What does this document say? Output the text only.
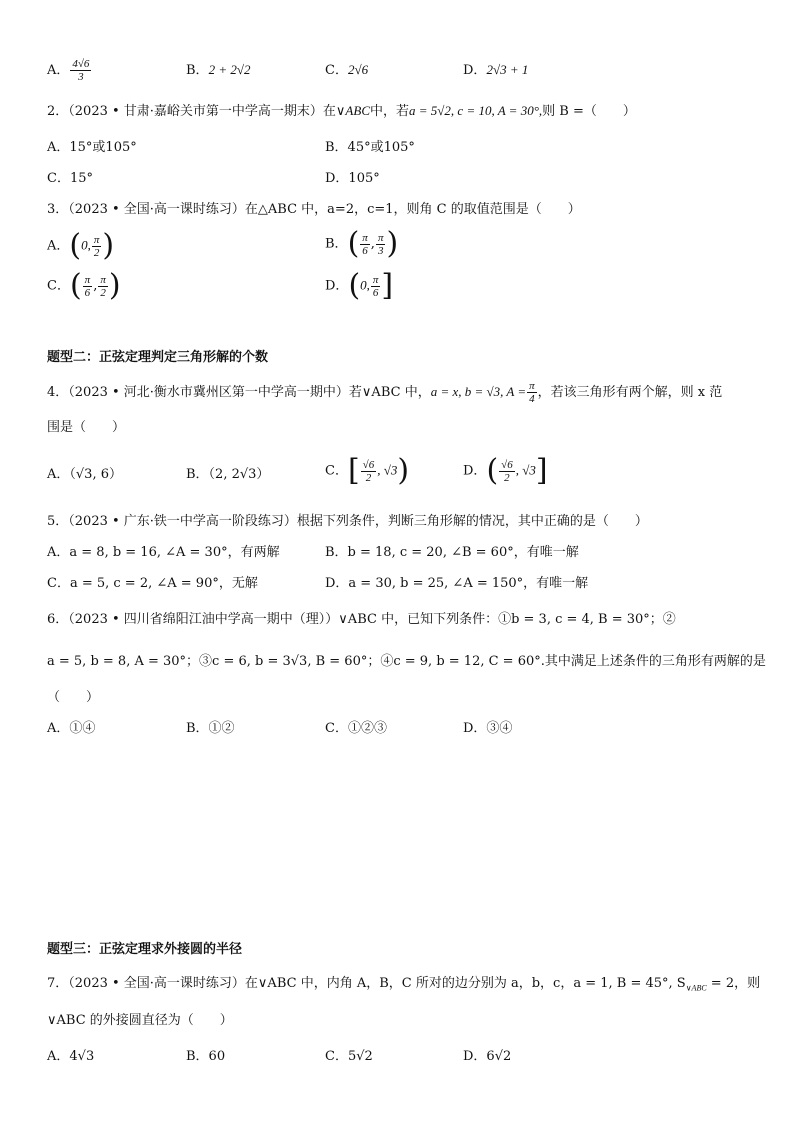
A． $\frac{4√6}{3}$	B．2 + 2√2	C．2√6	D．2√3 + 1
2．（2023 • 甘肃·嘉峪关市第一中学高一期末）在∨ABC中，若a = 5√2, c = 10, A = 30°,则 B =（　　）
A．15°或105°	B．45°或105°
C．15°	D．105°
3．（2023 • 全国·高一课时练习）在△ABC 中，a=2，c=1，则角 C 的取值范围是（　　）
A．(0, $\frac{\pi}{2}$ )	B．( $\frac{\pi}{6}$ , $\frac{\pi}{3}$ )
C．( $\frac{\pi}{6}$ , $\frac{\pi}{2}$ )	D．(0, $\frac{\pi}{6}$ ]
题型二：正弦定理判定三角形解的个数
4．（2023 • 河北·衡水市冀州区第一中学高一期中）若∨ABC 中，a = x, b = √3, $A = \frac{\pi}{4}$ ，若该三角形有两个解，则 x 范
围是（　　）
A．（√3, 6）	B．（2, 2√3）	C．[ $\frac{√6}{2}$ , √3)	D．( $\frac{√6}{2}$ , √3]
5．（2023 • 广东·铁一中学高一阶段练习）根据下列条件，判断三角形解的情况，其中正确的是（　　）
A．a = 8, b = 16, ∠A = 30°，有两解	B．b = 18, c = 20, ∠B = 60°，有唯一解
C．a = 5, c = 2, ∠A = 90°，无解	D．a = 30, b = 25, ∠A = 150°，有唯一解
6．（2023 • 四川省绵阳江油中学高一期中（理））∨ABC 中，已知下列条件：①b = 3, c = 4, B = 30°；②
a = 5, b = 8, A = 30°；③c = 6, b = 3√3, B = 60°；④c = 9, b = 12, C = 60°.其中满足上述条件的三角形有两解的是
（　　）
A．①④	B．①②	C．①②③	D．③④
题型三：正弦定理求外接圆的半径
7．（2023 • 全国·高一课时练习）在∨ABC 中，内角 A，B，C 所对的边分别为 a，b，c，a = 1, B = 45°, $S_{\vee ABC} = 2$，则
∨ABC 的外接圆直径为（　　）
A．4√3	B．60	C．5√2	D．6√2
